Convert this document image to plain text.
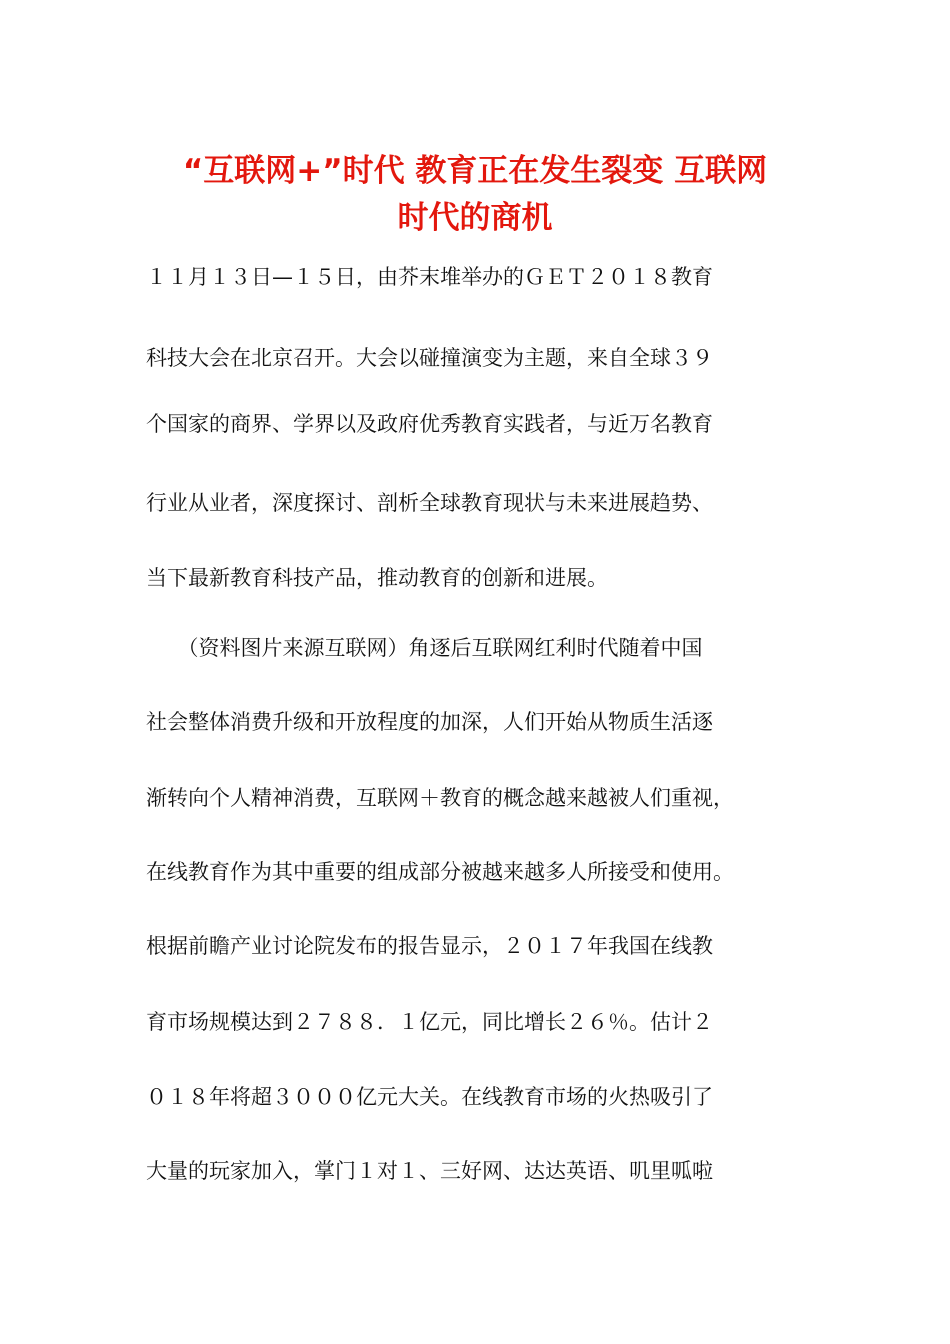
“互联网+”时代 教育正在发生裂变 互联网
时代的商机

１１月１３日—１５日，由芥末堆举办的ＧＥＴ２０１８教育

科技大会在北京召开。大会以碰撞演变为主题，来自全球３９

个国家的商界、学界以及政府优秀教育实践者，与近万名教育

行业从业者，深度探讨、剖析全球教育现状与未来进展趋势、

当下最新教育科技产品，推动教育的创新和进展。

　　（资料图片来源互联网）角逐后互联网红利时代随着中国

社会整体消费升级和开放程度的加深，人们开始从物质生活逐

渐转向个人精神消费，互联网＋教育的概念越来越被人们重视，

在线教育作为其中重要的组成部分被越来越多人所接受和使用。

根据前瞻产业讨论院发布的报告显示，２０１７年我国在线教

育市场规模达到２７８８．１亿元，同比增长２６％。估计２

０１８年将超３０００亿元大关。在线教育市场的火热吸引了

大量的玩家加入，掌门１对１、三好网、达达英语、叽里呱啦
